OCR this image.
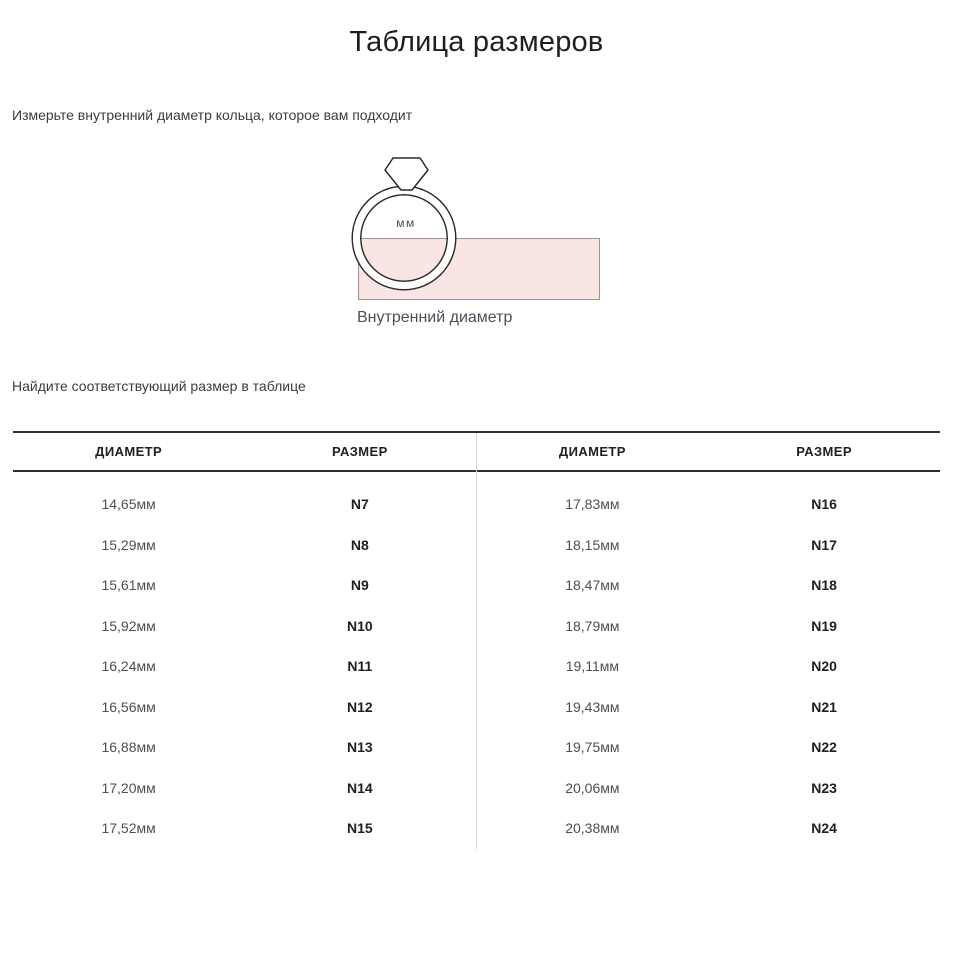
Таблица размеров

Измерьте внутренний диаметр кольца, которое вам подходит

мм
Внутренний диаметр

Найдите соответствующий размер в таблице

ДИАМЕТР	РАЗМЕР
14,65мм	N7
15,29мм	N8
15,61мм	N9
15,92мм	N10
16,24мм	N11
16,56мм	N12
16,88мм	N13
17,20мм	N14
17,52мм	N15
ДИАМЕТР	РАЗМЕР
17,83мм	N16
18,15мм	N17
18,47мм	N18
18,79мм	N19
19,11мм	N20
19,43мм	N21
19,75мм	N22
20,06мм	N23
20,38мм	N24
